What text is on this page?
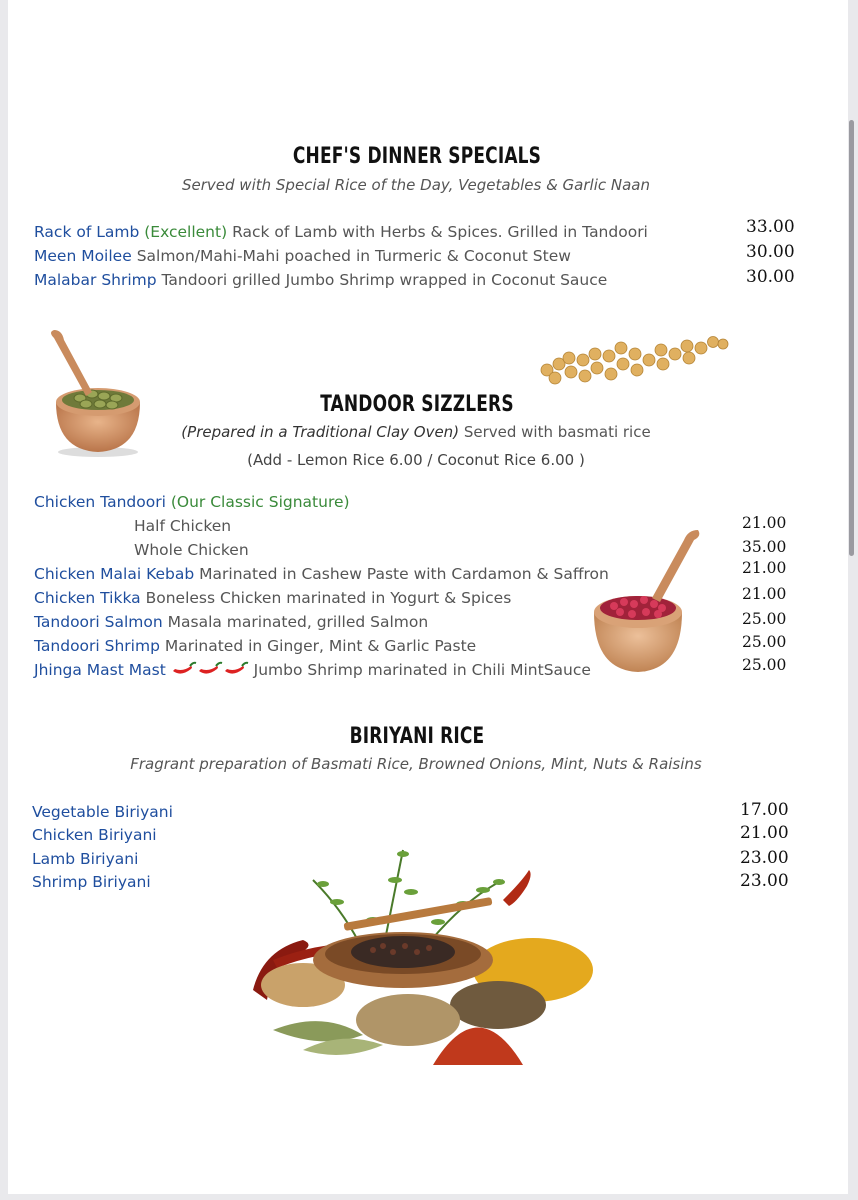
CHEF'S DINNER SPECIALS
Served with Special Rice of the Day, Vegetables & Garlic Naan
Rack of Lamb (Excellent) Rack of Lamb with Herbs & Spices. Grilled in Tandoori	33.00
Meen Moilee Salmon/Mahi-Mahi poached in Turmeric & Coconut Stew	30.00
Malabar Shrimp Tandoori grilled Jumbo Shrimp wrapped in Coconut Sauce	30.00
TANDOOR SIZZLERS
(Prepared in a Traditional Clay Oven) Served with basmati rice
(Add - Lemon Rice 6.00 / Coconut Rice 6.00 )
Chicken Tandoori (Our Classic Signature)
Half Chicken	21.00
Whole Chicken	35.00
Chicken Malai Kebab Marinated in Cashew Paste with Cardamon & Saffron	21.00
Chicken Tikka Boneless Chicken marinated in Yogurt & Spices	21.00
Tandoori Salmon Masala marinated, grilled Salmon	25.00
Tandoori Shrimp Marinated in Ginger, Mint & Garlic Paste	25.00
Jhinga Mast Mast	Jumbo Shrimp marinated in Chili MintSauce	25.00
BIRIYANI RICE
Fragrant preparation of Basmati Rice, Browned Onions, Mint, Nuts & Raisins
Vegetable Biriyani	17.00
Chicken Biriyani	21.00
Lamb Biriyani	23.00
Shrimp Biriyani	23.00
